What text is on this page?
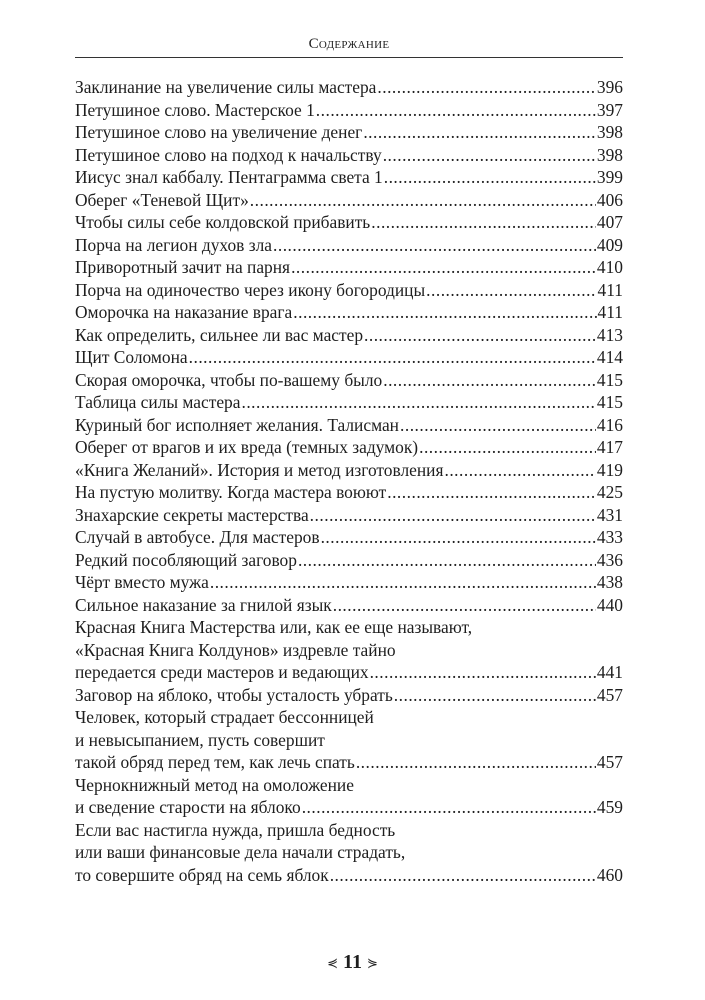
Содержание
Заклинание на увеличение силы мастера .....	396
Петушиное слово. Мастерское 1 .....	397
Петушиное слово на увеличение денег .....	398
Петушиное слово на подход к начальству .....	398
Иисус знал каббалу. Пентаграмма света 1 .....	399
Оберег «Теневой Щит» .....	406
Чтобы силы себе колдовской прибавить .....	407
Порча на легион духов зла .....	409
Приворотный зачит на парня .....	410
Порча на одиночество через икону богородицы .....	411
Оморочка на наказание врага .....	411
Как определить, сильнее ли вас мастер .....	413
Щит Соломона .....	414
Скорая оморочка, чтобы по-вашему было .....	415
Таблица силы мастера .....	415
Куриный бог исполняет желания. Талисман .....	416
Оберег от врагов и их вреда (темных задумок) .....	417
«Книга Желаний». История и метод изготовления .....	419
На пустую молитву. Когда мастера воюют .....	425
Знахарские секреты мастерства .....	431
Случай в автобусе. Для мастеров .....	433
Редкий пособляющий заговор .....	436
Чёрт вместо мужа .....	438
Сильное наказание за гнилой язык .....	440
Красная Книга Мастерства или, как ее еще называют,
«Красная Книга Колдунов» издревле тайно
передается среди мастеров и ведающих .....	441
Заговор на яблоко, чтобы усталость убрать .....	457
Человек, который страдает бессонницей
и невысыпанием, пусть совершит
такой обряд перед тем, как лечь спать .....	457
Чернокнижный метод на омоложение
и сведение старости на яблоко .....	459
Если вас настигла нужда, пришла бедность
или ваши финансовые дела начали страдать,
то совершите обряд на семь яблок .....	460
⋞ 11 ⋟
